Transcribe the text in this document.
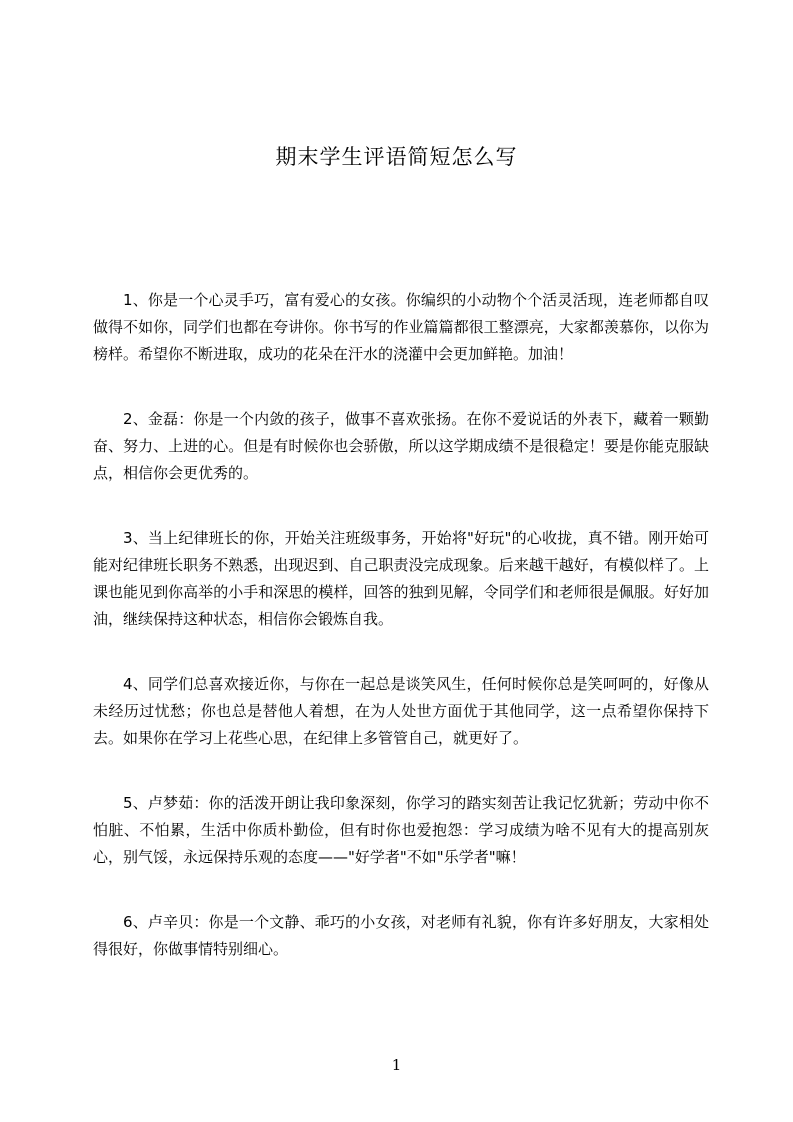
期末学生评语简短怎么写

1、你是一个心灵手巧，富有爱心的女孩。你编织的小动物个个活灵活现，连老师都自叹做得不如你，同学们也都在夸讲你。你书写的作业篇篇都很工整漂亮，大家都羡慕你，以你为榜样。希望你不断进取，成功的花朵在汗水的浇灌中会更加鲜艳。加油！

2、金磊：你是一个内敛的孩子，做事不喜欢张扬。在你不爱说话的外表下，藏着一颗勤奋、努力、上进的心。但是有时候你也会骄傲，所以这学期成绩不是很稳定！要是你能克服缺点，相信你会更优秀的。

3、当上纪律班长的你，开始关注班级事务，开始将"好玩"的心收拢，真不错。刚开始可能对纪律班长职务不熟悉，出现迟到、自己职责没完成现象。后来越干越好，有模似样了。上课也能见到你高举的小手和深思的模样，回答的独到见解，令同学们和老师很是佩服。好好加油，继续保持这种状态，相信你会锻炼自我。

4、同学们总喜欢接近你，与你在一起总是谈笑风生，任何时候你总是笑呵呵的，好像从未经历过忧愁；你也总是替他人着想，在为人处世方面优于其他同学，这一点希望你保持下去。如果你在学习上花些心思，在纪律上多管管自己，就更好了。

5、卢梦茹：你的活泼开朗让我印象深刻，你学习的踏实刻苦让我记忆犹新；劳动中你不怕脏、不怕累，生活中你质朴勤俭，但有时你也爱抱怨：学习成绩为啥不见有大的提高别灰心，别气馁，永远保持乐观的态度——"好学者"不如"乐学者"嘛！

6、卢辛贝：你是一个文静、乖巧的小女孩，对老师有礼貌，你有许多好朋友，大家相处得很好，你做事情特别细心。

1
